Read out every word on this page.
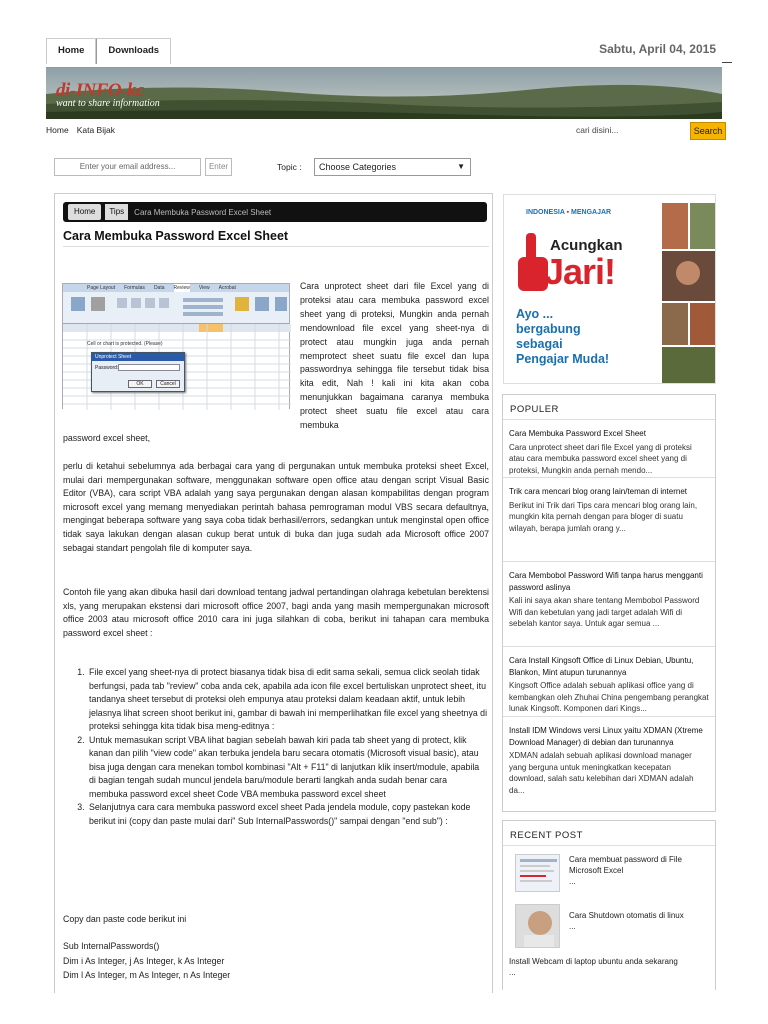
Home	Downloads	Sabtu, April 04, 2015
di-INFO-kc
want to share information
Home Kata Bijak	cari disini...	Search
Enter your email address...	Enter	Topic :	Choose Categories	▼
Home	Tips	Cara Membuka Password Excel Sheet
Cara Membuka Password Excel Sheet
Page Layout Formulas Data Review View Acrobat
Cell or chart is protected. (Please)
Unprotect Sheet
Password:
OK	Cancel
Cara unprotect sheet dari file Excel yang di proteksi atau cara membuka password excel sheet yang di proteksi, Mungkin anda pernah mendownload file excel yang sheet-nya di protect atau mungkin juga anda pernah memprotect sheet suatu file excel dan lupa passwordnya sehingga file tersebut tidak bisa kita edit, Nah ! kali ini kita akan coba menunjukkan bagaimana caranya membuka protect sheet suatu file excel atau cara membuka
password excel sheet,
perlu di ketahui sebelumnya ada berbagai cara yang di pergunakan untuk membuka proteksi sheet Excel, mulai dari mempergunakan software, menggunakan software open office atau dengan script Visual Basic Editor (VBA), cara script VBA adalah yang saya pergunakan dengan alasan kompabilitas dengan program microsoft excel yang memang menyediakan perintah bahasa pemrograman modul VBS secara defaultnya, mengingat beberapa software yang saya coba tidak berhasil/errors, sedangkan untuk menginstal open office tidak saya lakukan dengan alasan cukup berat untuk di buka dan juga sudah ada Microsoft office 2007 sebagai standart pengolah file di komputer saya.
Contoh file yang akan dibuka hasil dari download tentang jadwal pertandingan olahraga kebetulan berektensi xls, yang merupakan ekstensi dari microsoft office 2007, bagi anda yang masih mempergunakan microsoft office 2003 atau microsoft office 2010 cara ini juga silahkan di coba, berikut ini tahapan cara membuka password excel sheet :
1. File excel yang sheet-nya di protect biasanya tidak bisa di edit sama sekali, semua click seolah tidak berfungsi, pada tab "review" coba anda cek, apabila ada icon file excel bertuliskan unprotect sheet, itu tandanya sheet tersebut di proteksi oleh empunya atau proteksi dalam keadaan aktif, untuk lebih jelasnya lihat screen shoot berikut ini, gambar di bawah ini memperlihatkan file excel yang sheetnya di proteksi sehingga kita tidak bisa meng-editnya :
2. Untuk memasukan script VBA lihat bagian sebelah bawah kiri pada tab sheet yang di protect, klik kanan dan pilih "view code" akan terbuka jendela baru secara otomatis (Microsoft visual basic), atau bisa juga dengan cara menekan tombol kombinasi "Alt + F11" di lanjutkan klik insert/module, apabila di bagian tengah sudah muncul jendela baru/module berarti langkah anda sudah benar cara membuka password excel sheet Code VBA membuka password excel sheet
3. Selanjutnya cara cara membuka password excel sheet Pada jendela module, copy pastekan kode berikut ini (copy dan paste mulai dari" Sub InternalPasswords()" sampai dengan "end sub") :
Copy dan paste code berikut ini
Sub InternalPasswords()
Dim i As Integer, j As Integer, k As Integer
Dim l As Integer, m As Integer, n As Integer
INDONESIA ▪ MENGAJAR
Acungkan
Jari!
Ayo ...
bergabung
sebagai
Pengajar Muda!
POPULER
Cara Membuka Password Excel Sheet
Cara unprotect sheet dari file Excel yang di proteksi atau cara membuka password excel sheet yang di proteksi, Mungkin anda pernah mendo...
Trik cara mencari blog orang lain/teman di internet
Berikut ini Trik dari Tips cara mencari blog orang lain, mungkin kita pernah dengan para bloger di suatu wilayah, berapa jumlah orang y...
Cara Membobol Password Wifi tanpa harus mengganti password aslinya
Kali ini saya akan share tentang Membobol Password Wifi dan kebetulan yang jadi target adalah Wifi di sebelah kantor saya. Untuk agar semua ...
Cara Install Kingsoft Office di Linux Debian, Ubuntu, Blankon, Mint atupun turunannya
Kingsoft Office adalah sebuah aplikasi office yang di kembangkan oleh Zhuhai China pengembang perangkat lunak Kingsoft. Komponen dari Kings...
Install IDM Windows versi Linux yaitu XDMAN (Xtreme Download Manager) di debian dan turunannya
XDMAN adalah sebuah aplikasi download manager yang berguna untuk meningkatkan kecepatan download, salah satu kelebihan dari XDMAN adalah da...
RECENT POST
Cara membuat password di File Microsoft Excel
...
Cara Shutdown otomatis di linux
...
Install Webcam di laptop ubuntu anda sekarang
...
